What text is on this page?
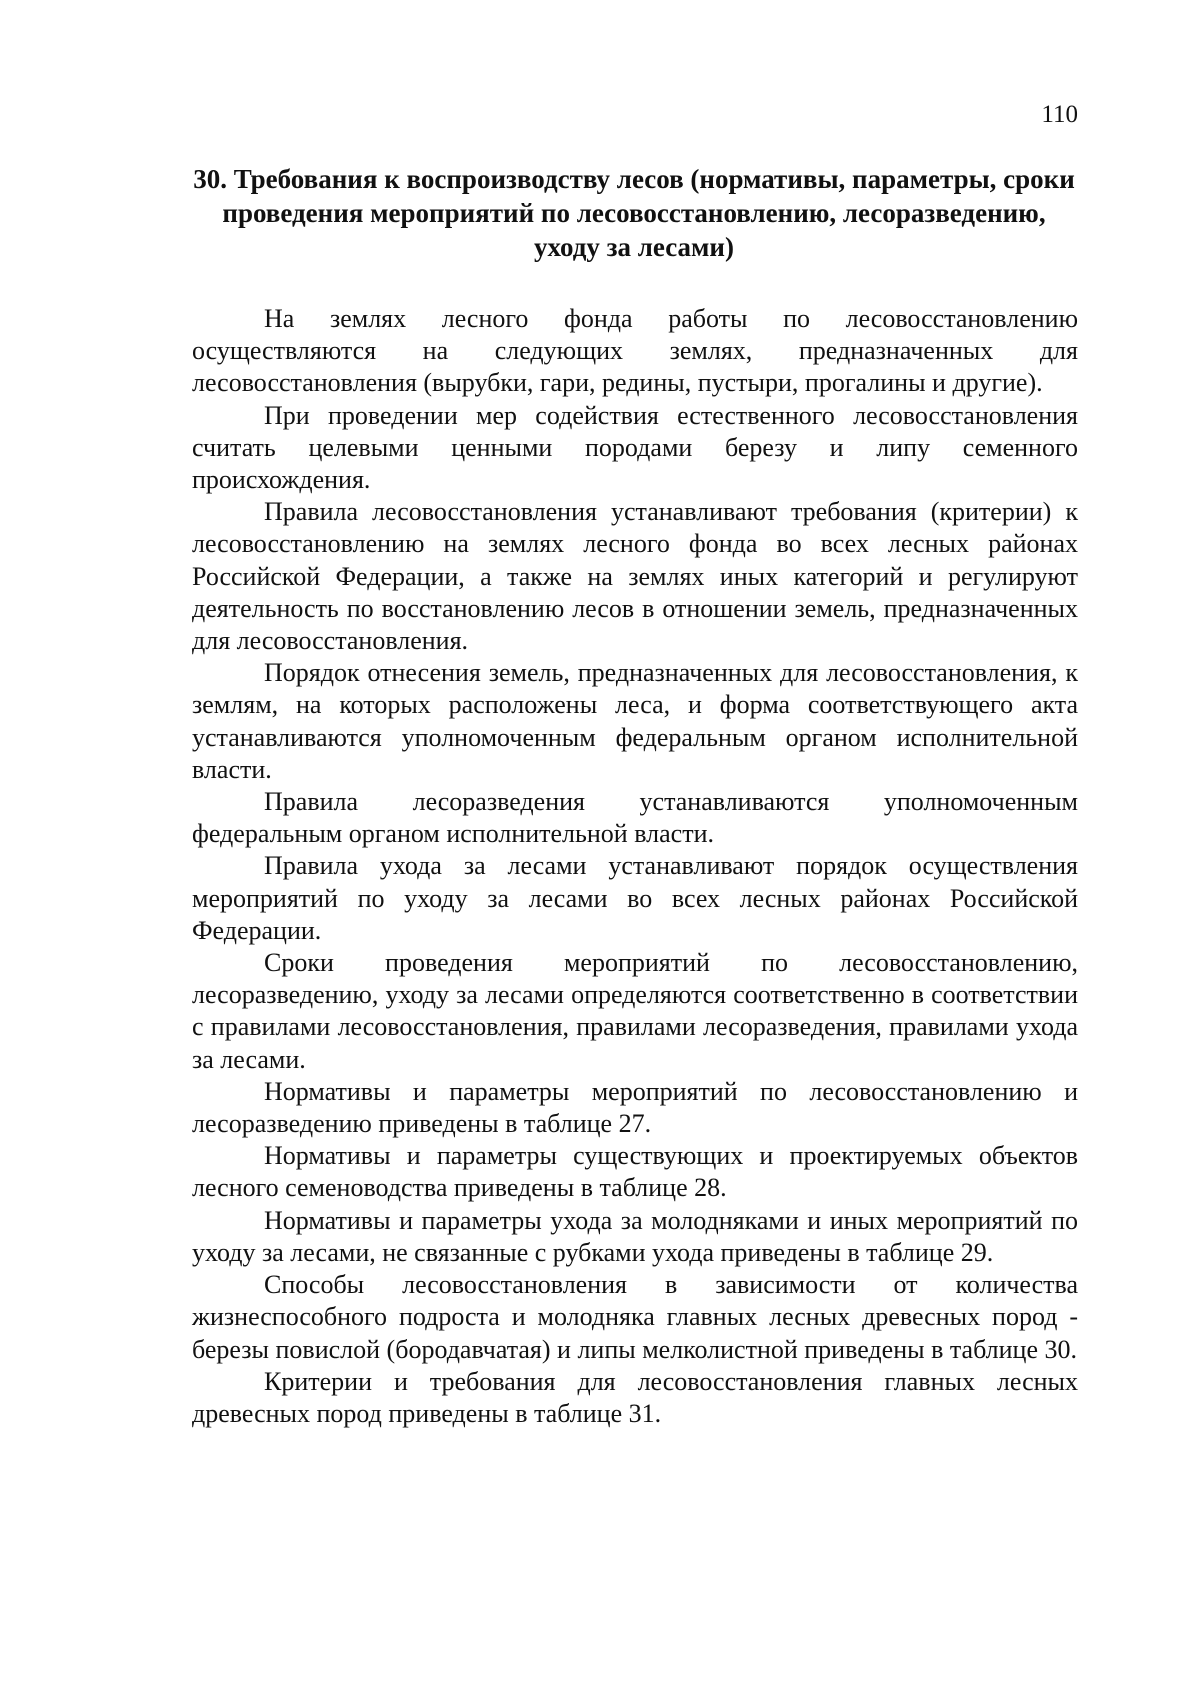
110
30. Требования к воспроизводству лесов (нормативы, параметры, сроки проведения мероприятий по лесовосстановлению, лесоразведению, уходу за лесами)

На землях лесного фонда работы по лесовосстановлению осуществляются на следующих землях, предназначенных для лесовосстановления (вырубки, гари, редины, пустыри, прогалины и другие).

При проведении мер содействия естественного лесовосстановления считать целевыми ценными породами березу и липу семенного происхождения.

Правила лесовосстановления устанавливают требования (критерии) к лесовосстановлению на землях лесного фонда во всех лесных районах Российской Федерации, а также на землях иных категорий и регулируют деятельность по восстановлению лесов в отношении земель, предназначенных для лесовосстановления.

Порядок отнесения земель, предназначенных для лесовосстановления, к землям, на которых расположены леса, и форма соответствующего акта устанавливаются уполномоченным федеральным органом исполнительной власти.

Правила лесоразведения устанавливаются уполномоченным федеральным органом исполнительной власти.

Правила ухода за лесами устанавливают порядок осуществления мероприятий по уходу за лесами во всех лесных районах Российской Федерации.

Сроки проведения мероприятий по лесовосстановлению, лесоразведению, уходу за лесами определяются соответственно в соответствии с правилами лесовосстановления, правилами лесоразведения, правилами ухода за лесами.

Нормативы и параметры мероприятий по лесовосстановлению и лесоразведению приведены в таблице 27.

Нормативы и параметры существующих и проектируемых объектов лесного семеноводства приведены в таблице 28.

Нормативы и параметры ухода за молодняками и иных мероприятий по уходу за лесами, не связанные с рубками ухода приведены в таблице 29.

Способы лесовосстановления в зависимости от количества жизнеспособного подроста и молодняка главных лесных древесных пород - березы повислой (бородавчатая) и липы мелколистной приведены в таблице 30.

Критерии и требования для лесовосстановления главных лесных древесных пород приведены в таблице 31.
